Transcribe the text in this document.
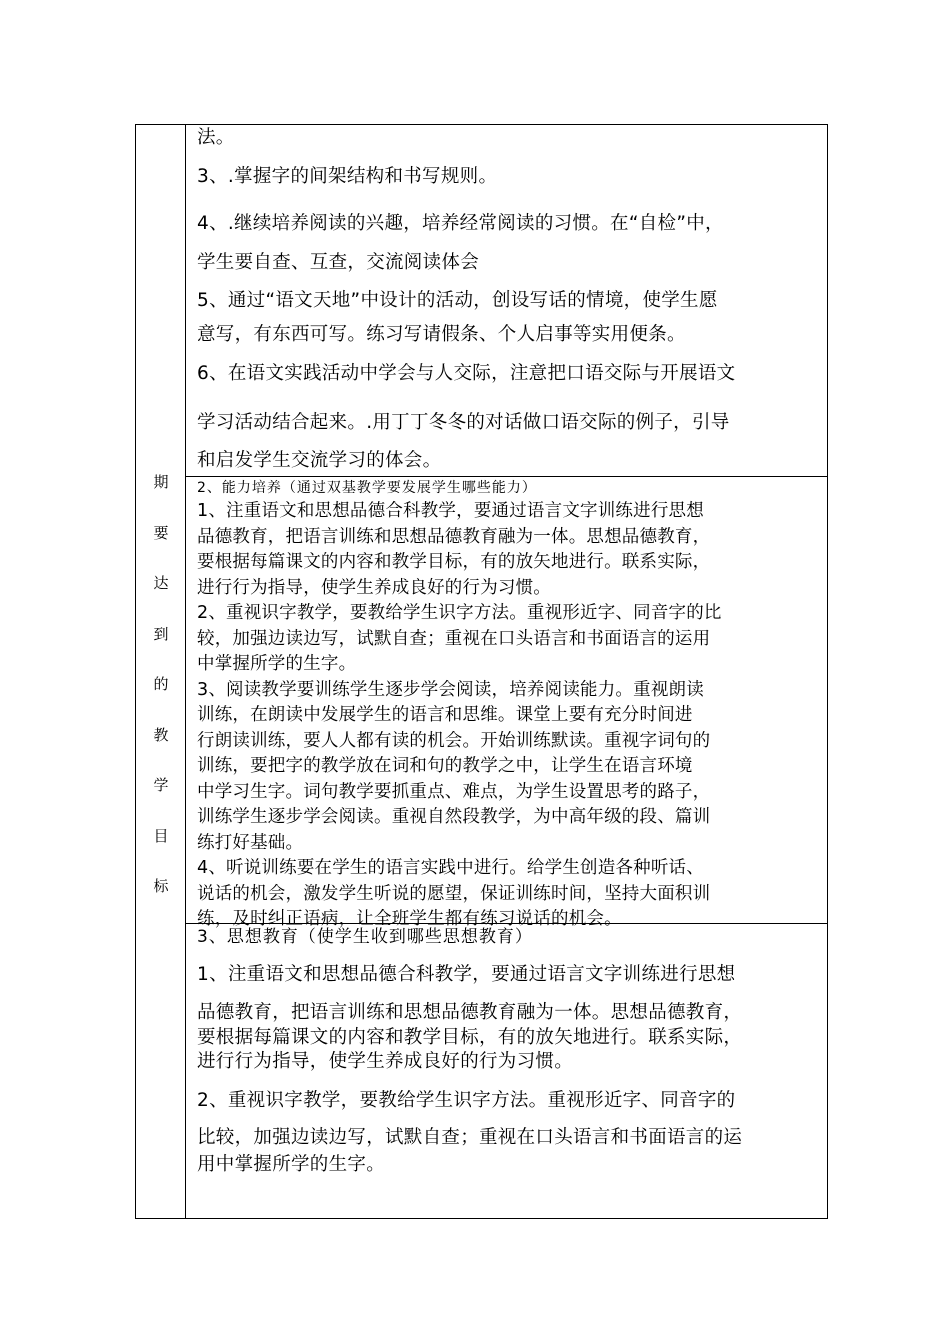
期
要
达
到
的
教
学
目
标

法。

3、.掌握字的间架结构和书写规则。

4、.继续培养阅读的兴趣，培养经常阅读的习惯。在“自检”中，

学生要自查、互查，交流阅读体会

5、通过“语文天地”中设计的活动，创设写话的情境，使学生愿

意写，有东西可写。练习写请假条、个人启事等实用便条。

6、在语文实践活动中学会与人交际，注意把口语交际与开展语文

学习活动结合起来。.用丁丁冬冬的对话做口语交际的例子，引导

和启发学生交流学习的体会。

2、能力培养（通过双基教学要发展学生哪些能力）

1、注重语文和思想品德合科教学，要通过语言文字训练进行思想

品德教育，把语言训练和思想品德教育融为一体。思想品德教育，

要根据每篇课文的内容和教学目标，有的放矢地进行。联系实际，

进行行为指导，使学生养成良好的行为习惯。

2、重视识字教学，要教给学生识字方法。重视形近字、同音字的比

较，加强边读边写，试默自查；重视在口头语言和书面语言的运用

中掌握所学的生字。

3、阅读教学要训练学生逐步学会阅读，培养阅读能力。重视朗读

训练，在朗读中发展学生的语言和思维。课堂上要有充分时间进

行朗读训练，要人人都有读的机会。开始训练默读。重视字词句的

训练，要把字的教学放在词和句的教学之中，让学生在语言环境

中学习生字。词句教学要抓重点、难点，为学生设置思考的路子，

训练学生逐步学会阅读。重视自然段教学，为中高年级的段、篇训

练打好基础。

4、听说训练要在学生的语言实践中进行。给学生创造各种听话、

说话的机会，激发学生听说的愿望，保证训练时间，坚持大面积训

练，及时纠正语病，让全班学生都有练习说话的机会。

3、思想教育（使学生收到哪些思想教育）

1、注重语文和思想品德合科教学，要通过语言文字训练进行思想

品德教育，把语言训练和思想品德教育融为一体。思想品德教育，

要根据每篇课文的内容和教学目标，有的放矢地进行。联系实际，

进行行为指导，使学生养成良好的行为习惯。

2、重视识字教学，要教给学生识字方法。重视形近字、同音字的

比较，加强边读边写，试默自查；重视在口头语言和书面语言的运

用中掌握所学的生字。
